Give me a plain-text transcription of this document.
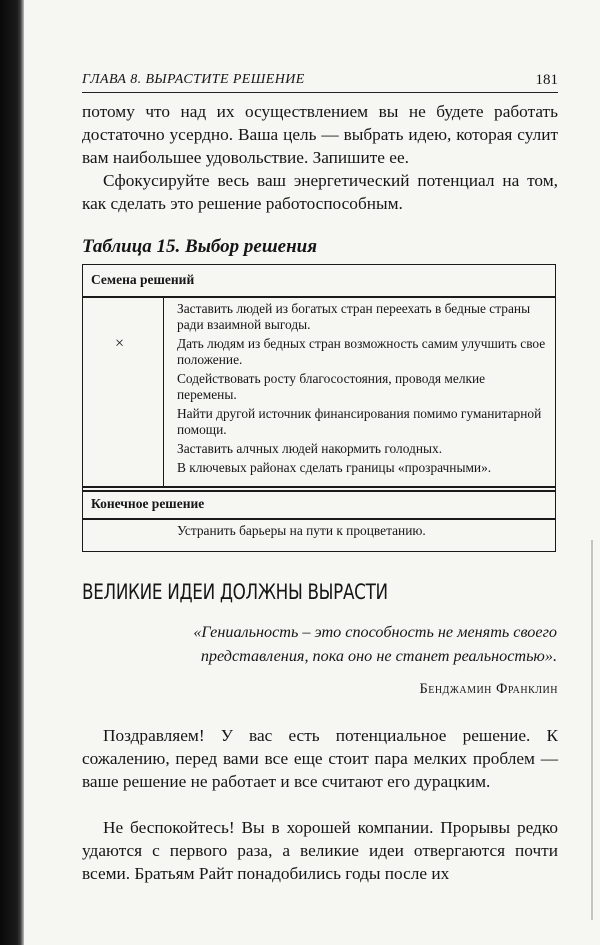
ГЛАВА 8. ВЫРАСТИТЕ РЕШЕНИЕ	181

потому что над их осуществлением вы не будете работать достаточно усердно. Ваша цель — выбрать идею, которая сулит вам наибольшее удовольствие. Запишите ее.

Сфокусируйте весь ваш энергетический потенциал на том, как сделать это решение работоспособным.

Таблица 15. Выбор решения
Семена решений
×
Заставить людей из богатых стран переехать в бедные страны ради взаимной выгоды.
Дать людям из бедных стран возможность самим улучшить свое положение.
Содействовать росту благосостояния, проводя мелкие перемены.
Найти другой источник финансирования помимо гуманитарной помощи.
Заставить алчных людей накормить голодных.
В ключевых районах сделать границы «прозрачными».
Конечное решение
Устранить барьеры на пути к процветанию.
ВЕЛИКИЕ ИДЕИ ДОЛЖНЫ ВЫРАСТИ

«Гениальность – это способность не менять своего представления, пока оно не станет реальностью».

Бенджамин Франклин

Поздравляем! У вас есть потенциальное решение. К сожалению, перед вами все еще стоит пара мелких проблем — ваше решение не работает и все считают его дурацким.

Не беспокойтесь! Вы в хорошей компании. Прорывы редко удаются с первого раза, а великие идеи отвергаются почти всеми. Братьям Райт понадобились годы после их
